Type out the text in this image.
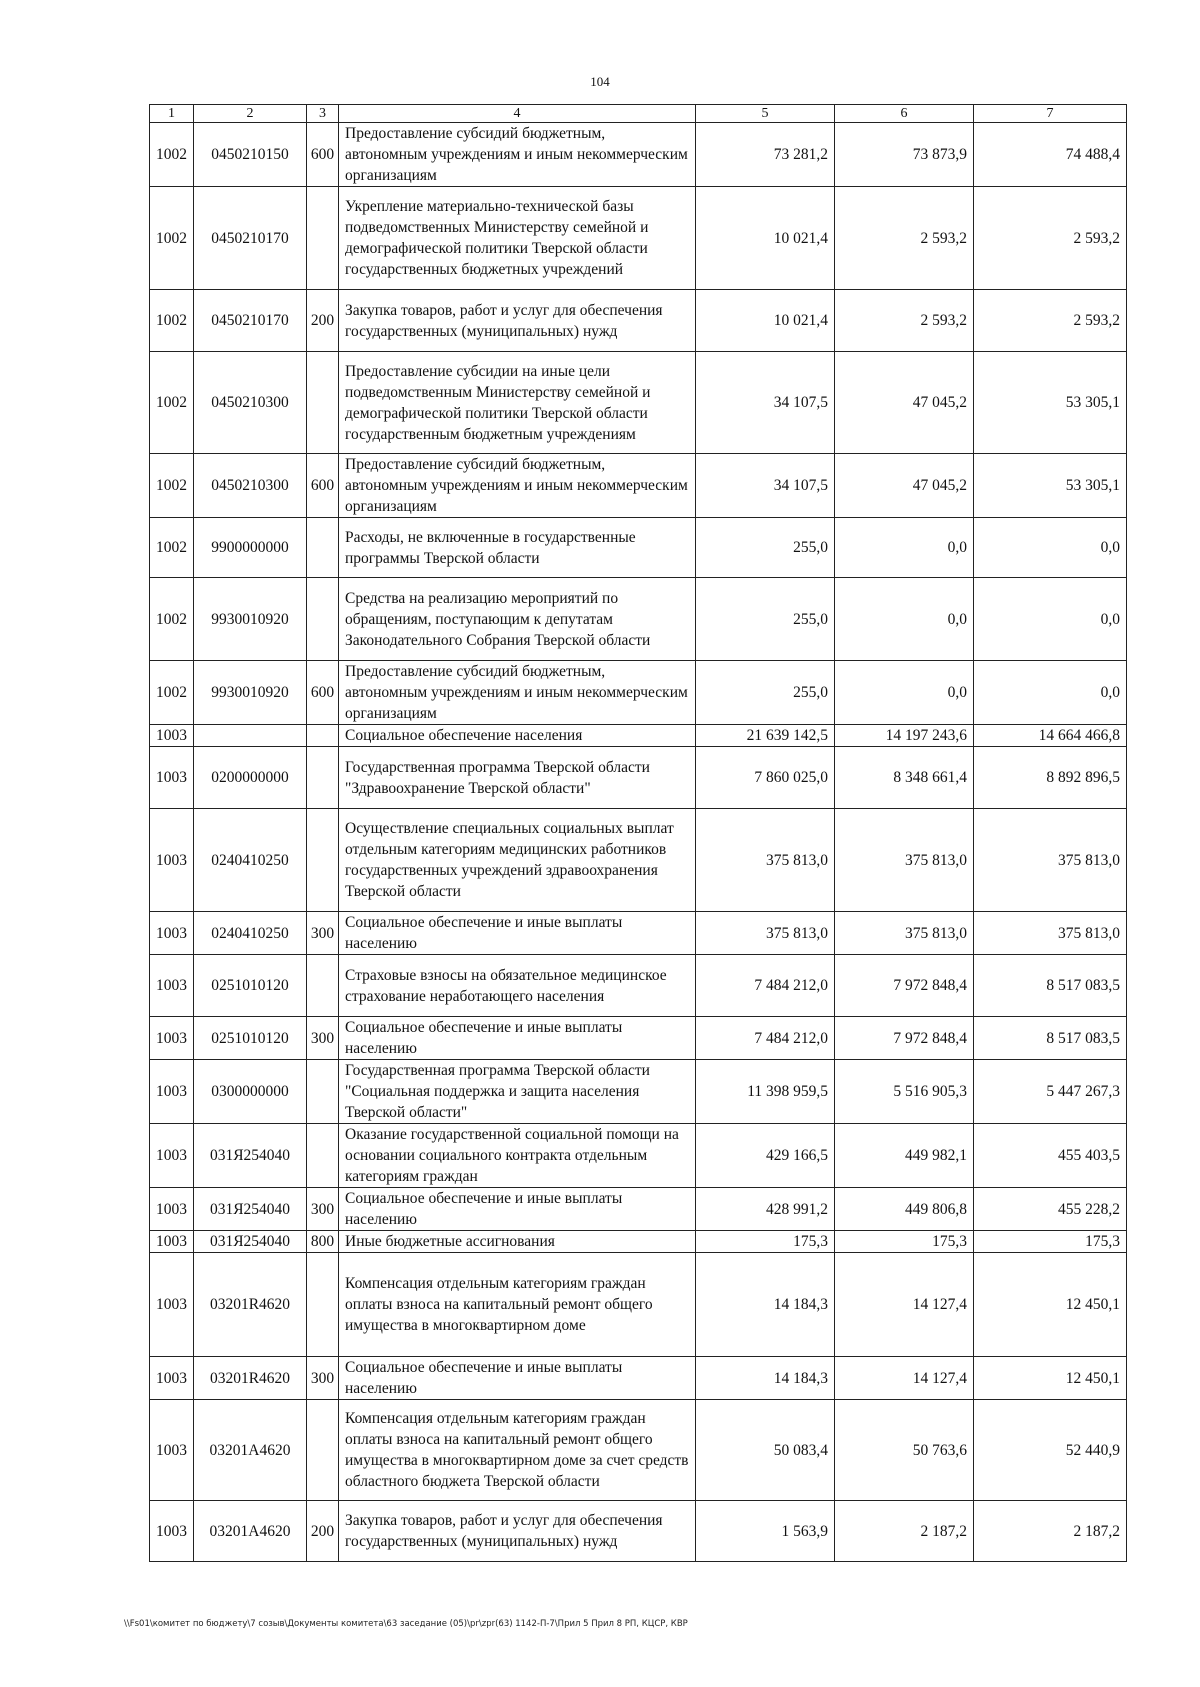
104
1	2	3	4	5	6	7
1002	0450210150	600	Предоставление субсидий бюджетным, автономным учреждениям и иным некоммерческим организациям	73 281,2	73 873,9	74 488,4
1002	0450210170		Укрепление материально-технической базы подведомственных Министерству семейной и демографической политики Тверской области государственных бюджетных учреждений	10 021,4	2 593,2	2 593,2
1002	0450210170	200	Закупка товаров, работ и услуг для обеспечения государственных (муниципальных) нужд	10 021,4	2 593,2	2 593,2
1002	0450210300		Предоставление субсидии на иные цели подведомственным Министерству семейной и демографической политики Тверской области государственным бюджетным учреждениям	34 107,5	47 045,2	53 305,1
1002	0450210300	600	Предоставление субсидий бюджетным, автономным учреждениям и иным некоммерческим организациям	34 107,5	47 045,2	53 305,1
1002	9900000000		Расходы, не включенные в государственные программы Тверской области	255,0	0,0	0,0
1002	9930010920		Средства на реализацию мероприятий по обращениям, поступающим к депутатам Законодательного Собрания Тверской области	255,0	0,0	0,0
1002	9930010920	600	Предоставление субсидий бюджетным, автономным учреждениям и иным некоммерческим организациям	255,0	0,0	0,0
1003			Социальное обеспечение населения	21 639 142,5	14 197 243,6	14 664 466,8
1003	0200000000		Государственная программа Тверской области "Здравоохранение Тверской области"	7 860 025,0	8 348 661,4	8 892 896,5
1003	0240410250		Осуществление специальных социальных выплат отдельным категориям медицинских работников государственных учреждений здравоохранения Тверской области	375 813,0	375 813,0	375 813,0
1003	0240410250	300	Социальное обеспечение и иные выплаты населению	375 813,0	375 813,0	375 813,0
1003	0251010120		Страховые взносы на обязательное медицинское страхование неработающего населения	7 484 212,0	7 972 848,4	8 517 083,5
1003	0251010120	300	Социальное обеспечение и иные выплаты населению	7 484 212,0	7 972 848,4	8 517 083,5
1003	0300000000		Государственная программа Тверской области "Социальная поддержка и защита населения Тверской области"	11 398 959,5	5 516 905,3	5 447 267,3
1003	031Я254040		Оказание государственной социальной помощи на основании социального контракта отдельным категориям граждан	429 166,5	449 982,1	455 403,5
1003	031Я254040	300	Социальное обеспечение и иные выплаты населению	428 991,2	449 806,8	455 228,2
1003	031Я254040	800	Иные бюджетные ассигнования	175,3	175,3	175,3
1003	03201R4620		Компенсация отдельным категориям граждан оплаты взноса на капитальный ремонт общего имущества в многоквартирном доме	14 184,3	14 127,4	12 450,1
1003	03201R4620	300	Социальное обеспечение и иные выплаты населению	14 184,3	14 127,4	12 450,1
1003	03201A4620		Компенсация отдельным категориям граждан оплаты взноса на капитальный ремонт общего имущества в многоквартирном доме за счет средств областного бюджета Тверской области	50 083,4	50 763,6	52 440,9
1003	03201A4620	200	Закупка товаров, работ и услуг для обеспечения государственных (муниципальных) нужд	1 563,9	2 187,2	2 187,2
\\Fs01\комитет по бюджету\7 созыв\Документы комитета\63 заседание (05)\pr\zpr(63) 1142-П-7\Прил 5 Прил 8 РП, КЦСР, КВР
